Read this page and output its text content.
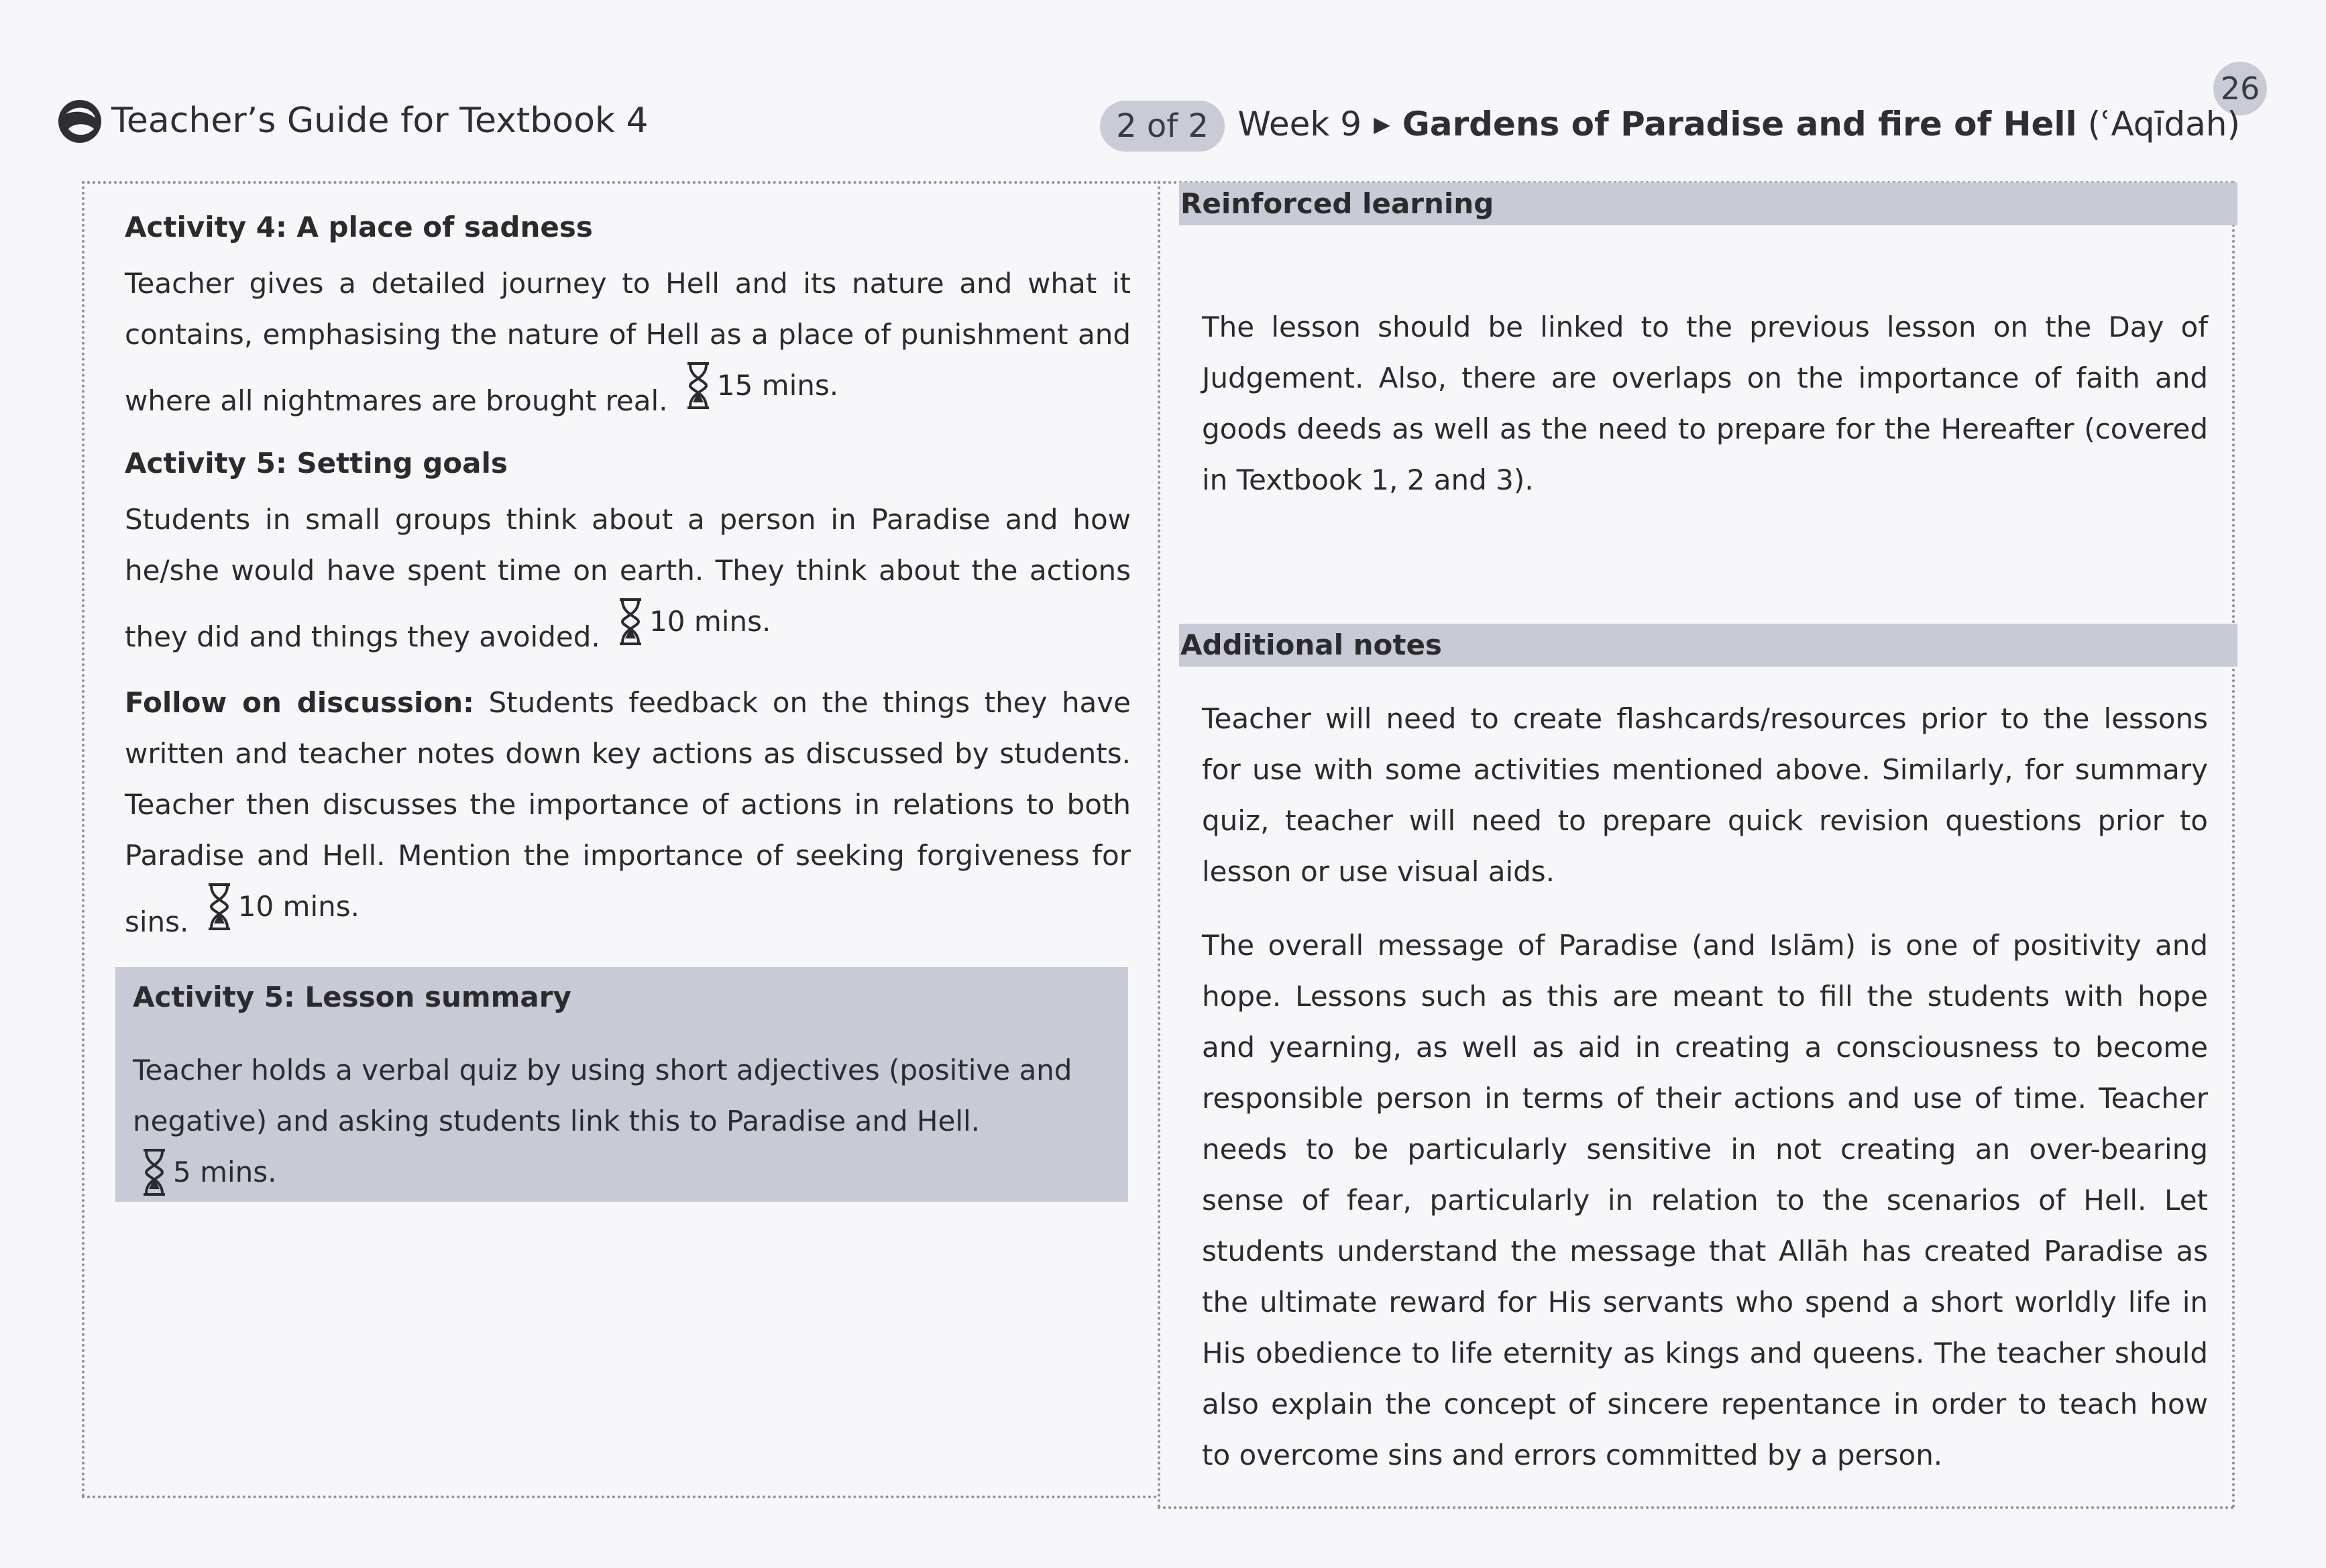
Teacher’s Guide for Textbook 4	2 of 2
26
Week 9 ▶ Gardens of Paradise and fire of Hell (ʿAqīdah)

Activity 4: A place of sadness

Teacher gives a detailed journey to Hell and its nature and what it contains, emphasising the nature of Hell as a place of punishment and where all nightmares are brought real. 15 mins.

Activity 5: Setting goals

Students in small groups think about a person in Paradise and how he/she would have spent time on earth. They think about the actions they did and things they avoided. 10 mins.

Follow on discussion: Students feedback on the things they have written and teacher notes down key actions as discussed by students. Teacher then discusses the importance of actions in relations to both Paradise and Hell. Mention the importance of seeking forgiveness for sins. 10 mins.

Activity 5: Lesson summary

Teacher holds a verbal quiz by using short adjectives (positive and negative) and asking students link this to Paradise and Hell.
5 mins.

Reinforced learning

The lesson should be linked to the previous lesson on the Day of Judgement. Also, there are overlaps on the importance of faith and goods deeds as well as the need to prepare for the Hereafter (covered in Textbook 1, 2 and 3).

Additional notes

Teacher will need to create flashcards/resources prior to the lessons for use with some activities mentioned above. Similarly, for summary quiz, teacher will need to prepare quick revision questions prior to lesson or use visual aids.

The overall message of Paradise (and Islām) is one of positivity and hope. Lessons such as this are meant to fill the students with hope and yearning, as well as aid in creating a consciousness to become responsible person in terms of their actions and use of time. Teacher needs to be particularly sensitive in not creating an over-bearing sense of fear, particularly in relation to the scenarios of Hell. Let students understand the message that Allāh has created Paradise as the ultimate reward for His servants who spend a short worldly life in His obedience to life eternity as kings and queens. The teacher should also explain the concept of sincere repentance in order to teach how to overcome sins and errors committed by a person.
